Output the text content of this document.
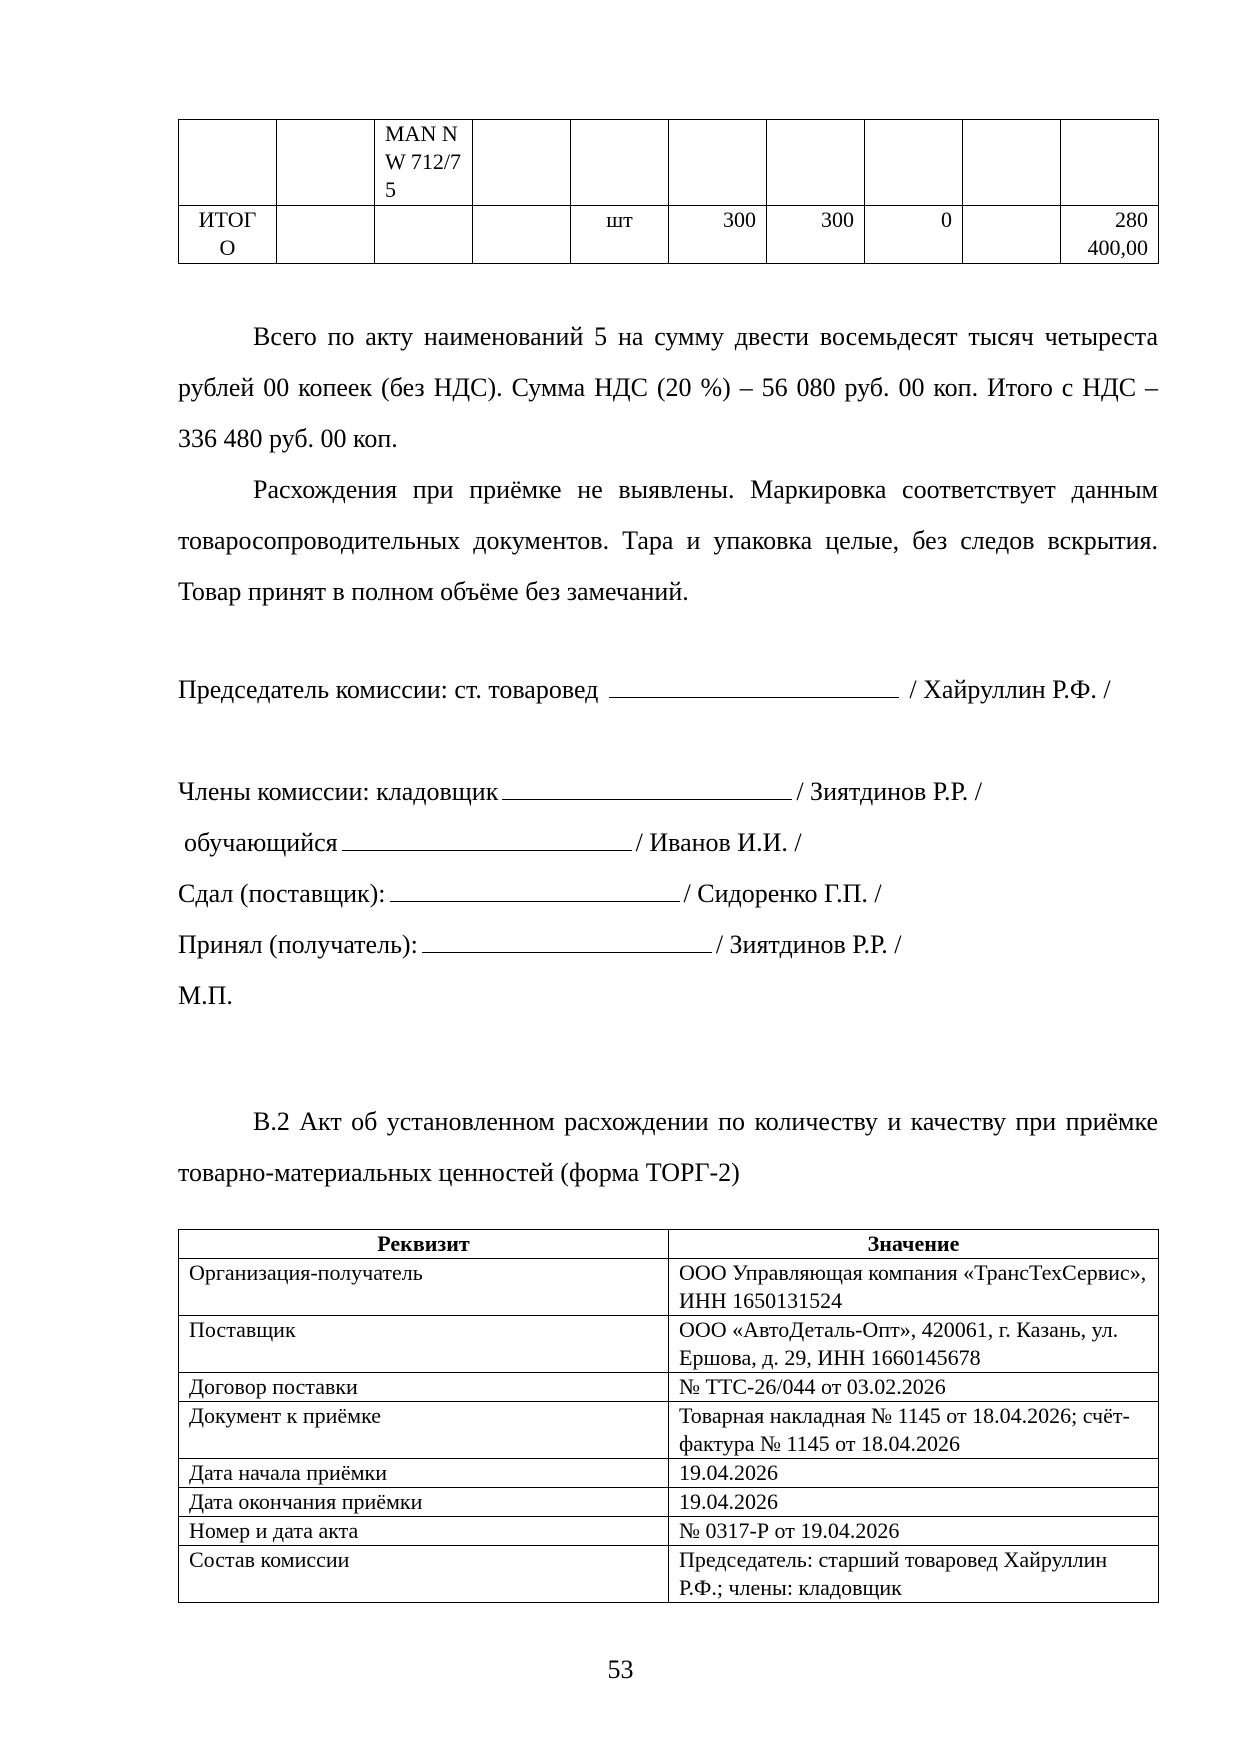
		MAN N W 712/75							
ИТОГ О				шт	300	300	0		280 400,00
Всего по акту наименований 5 на сумму двести восемьдесят тысяч четыреста рублей 00 копеек (без НДС). Сумма НДС (20 %) – 56 080 руб. 00 коп. Итого с НДС – 336 480 руб. 00 коп.
Расхождения при приёмке не выявлены. Маркировка соответствует данным товаросопроводительных документов. Тара и упаковка целые, без следов вскрытия. Товар принят в полном объёме без замечаний.
Председатель комиссии: ст. товаровед	/ Хайруллин Р.Ф. /
Члены комиссии: кладовщик	/ Зиятдинов Р.Р. /
обучающийся	/ Иванов И.И. /
Сдал (поставщик):	/ Сидоренко Г.П. /
Принял (получатель):	/ Зиятдинов Р.Р. /
М.П.
В.2 Акт об установленном расхождении по количеству и качеству при приёмке товарно-материальных ценностей (форма ТОРГ-2)
Реквизит	Значение
Организация-получатель	ООО Управляющая компания «ТрансТехСервис», ИНН 1650131524
Поставщик	ООО «АвтоДеталь-Опт», 420061, г. Казань, ул. Ершова, д. 29, ИНН 1660145678
Договор поставки	№ ТТС-26/044 от 03.02.2026
Документ к приёмке	Товарная накладная № 1145 от 18.04.2026; счёт-фактура № 1145 от 18.04.2026
Дата начала приёмки	19.04.2026
Дата окончания приёмки	19.04.2026
Номер и дата акта	№ 0317-Р от 19.04.2026
Состав комиссии	Председатель: старший товаровед Хайруллин Р.Ф.; члены: кладовщик
53
